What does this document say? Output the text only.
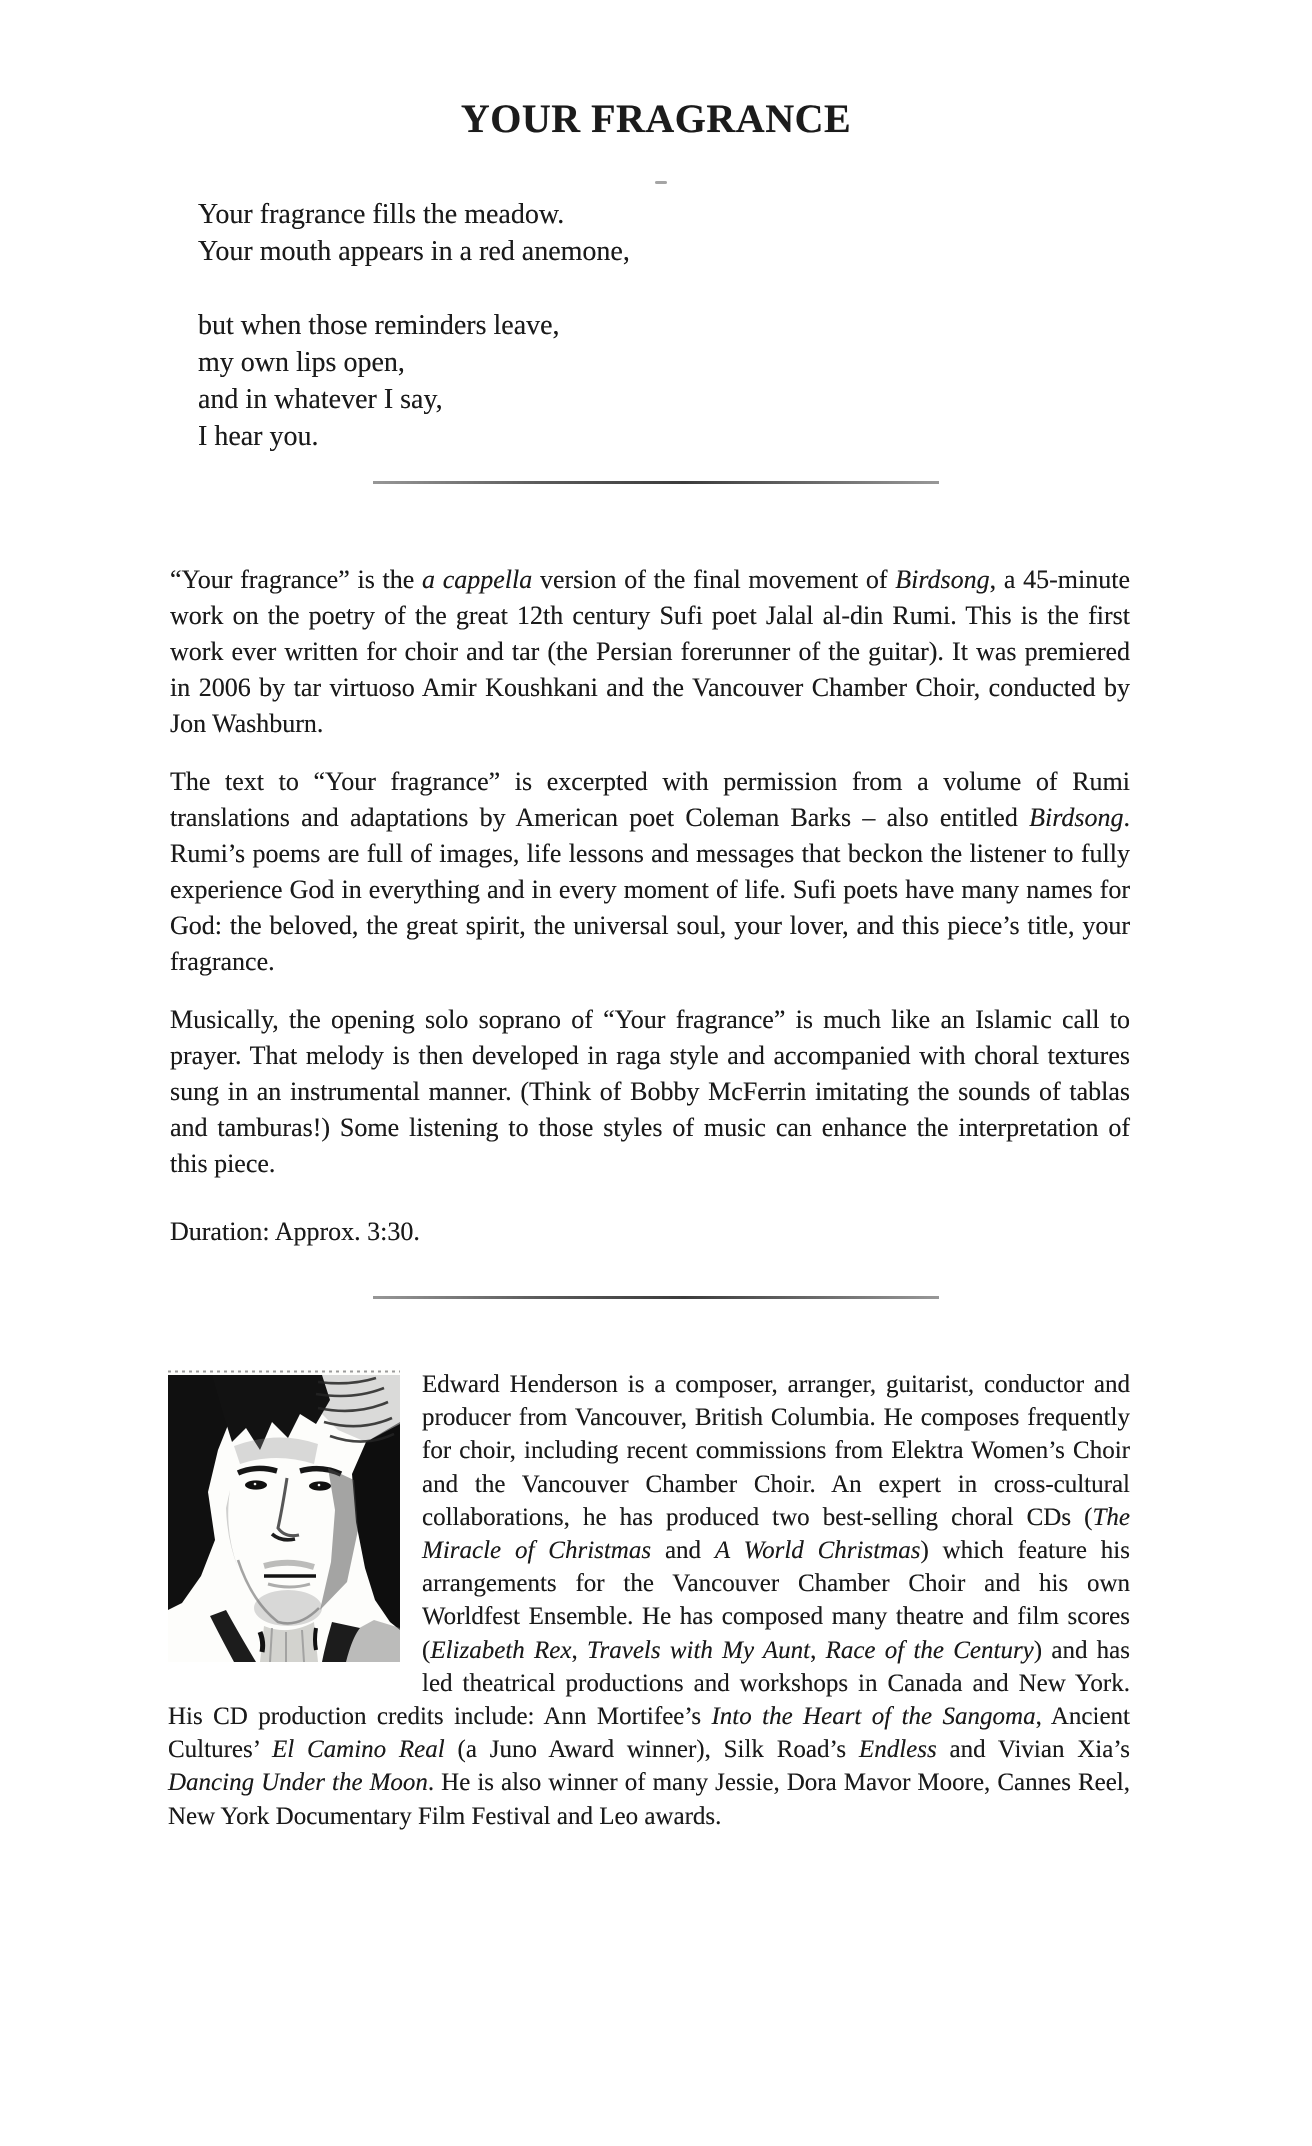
YOUR FRAGRANCE
Your fragrance fills the meadow.
Your mouth appears in a red anemone,
but when those reminders leave,
my own lips open,
and in whatever I say,
I hear you.

“Your fragrance” is the a cappella version of the final movement of Birdsong, a 45-minute work on the poetry of the great 12th century Sufi poet Jalal al-din Rumi. This is the first work ever written for choir and tar (the Persian forerunner of the guitar). It was premiered in 2006 by tar virtuoso Amir Koushkani and the Vancouver Chamber Choir, conducted by Jon Washburn.

The text to “Your fragrance” is excerpted with permission from a volume of Rumi translations and adaptations by American poet Coleman Barks – also entitled Birdsong. Rumi’s poems are full of images, life lessons and messages that beckon the listener to fully experience God in everything and in every moment of life. Sufi poets have many names for God: the beloved, the great spirit, the universal soul, your lover, and this piece’s title, your fragrance.

Musically, the opening solo soprano of “Your fragrance” is much like an Islamic call to prayer. That melody is then developed in raga style and accompanied with choral textures sung in an instrumental manner. (Think of Bobby McFerrin imitating the sounds of tablas and tamburas!) Some listening to those styles of music can enhance the interpretation of this piece.

Duration: Approx. 3:30.

Edward Henderson is a composer, arranger, guitarist, conductor and producer from Vancouver, British Columbia. He composes frequently for choir, including recent commissions from Elektra Women’s Choir and the Vancouver Chamber Choir. An expert in cross-cultural collaborations, he has produced two best-selling choral CDs (The Miracle of Christmas and A World Christmas) which feature his arrangements for the Vancouver Chamber Choir and his own Worldfest Ensemble. He has composed many theatre and film scores (Elizabeth Rex, Travels with My Aunt, Race of the Century) and has led theatrical productions and workshops in Canada and New York. His CD production credits include: Ann Mortifee’s Into the Heart of the Sangoma, Ancient Cultures’ El Camino Real (a Juno Award winner), Silk Road’s Endless and Vivian Xia’s Dancing Under the Moon. He is also winner of many Jessie, Dora Mavor Moore, Cannes Reel, New York Documentary Film Festival and Leo awards.
